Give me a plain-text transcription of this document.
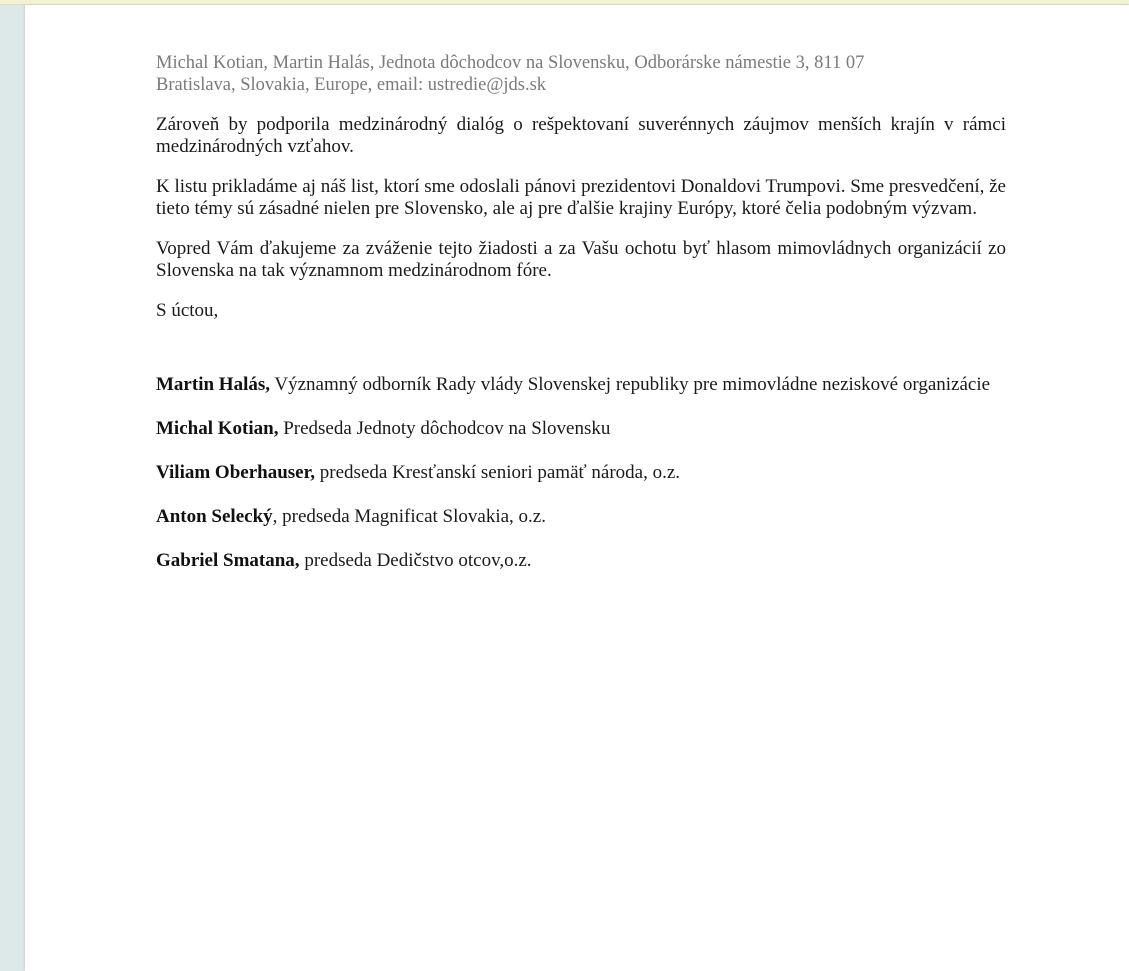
Michal Kotian, Martin Halás, Jednota dôchodcov na Slovensku, Odborárske námestie 3, 811 07
Bratislava, Slovakia, Europe, email: ustredie@jds.sk

Zároveň by podporila medzinárodný dialóg o rešpektovaní suverénnych záujmov menších krajín v rámci medzinárodných vzťahov.

K listu prikladáme aj náš list, ktorí sme odoslali pánovi prezidentovi Donaldovi Trumpovi. Sme presvedčení, že tieto témy sú zásadné nielen pre Slovensko, ale aj pre ďalšie krajiny Európy, ktoré čelia podobným výzvam.

Vopred Vám ďakujeme za zváženie tejto žiadosti a za Vašu ochotu byť hlasom mimovládnych organizácií zo Slovenska na tak významnom medzinárodnom fóre.

S úctou,

Martin Halás, Významný odborník Rady vlády Slovenskej republiky pre mimovládne neziskové organizácie

Michal Kotian, Predseda Jednoty dôchodcov na Slovensku

Viliam Oberhauser, predseda Kresťanskí seniori pamäť národa, o.z.

Anton Selecký, predseda Magnificat Slovakia, o.z.

Gabriel Smatana, predseda Dedičstvo otcov,o.z.
